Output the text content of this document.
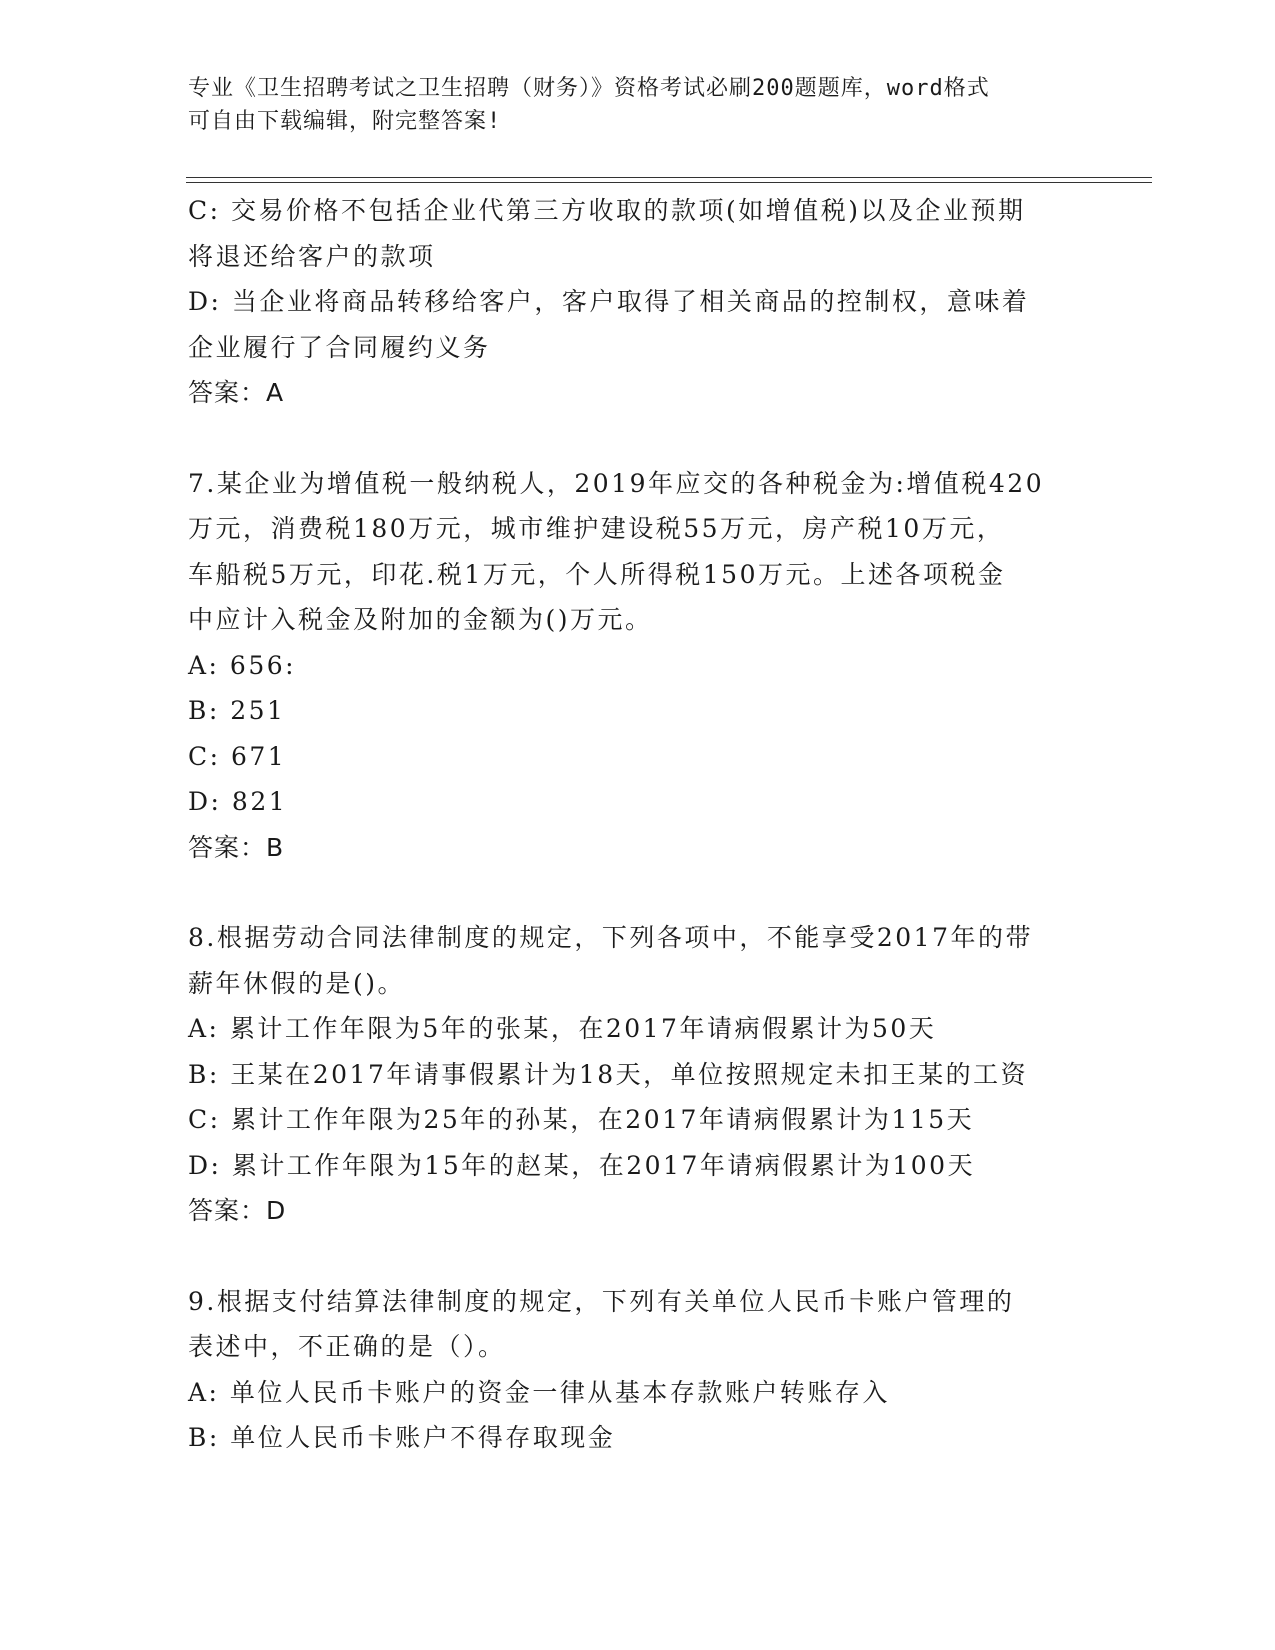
专业《卫生招聘考试之卫生招聘（财务）》资格考试必刷200题题库，word格式
可自由下载编辑，附完整答案!
C: 交易价格不包括企业代第三方收取的款项(如增值税)以及企业预期
将退还给客户的款项
D: 当企业将商品转移给客户，客户取得了相关商品的控制权，意味着
企业履行了合同履约义务
答案：A
7.某企业为增值税一般纳税人，2019年应交的各种税金为:增值税420
万元，消费税180万元，城市维护建设税55万元，房产税10万元，
车船税5万元，印花.税1万元，个人所得税150万元。上述各项税金
中应计入税金及附加的金额为()万元。
A: 656:
B: 251
C: 671
D: 821
答案：B
8.根据劳动合同法律制度的规定，下列各项中，不能享受2017年的带
薪年休假的是()。
A: 累计工作年限为5年的张某，在2017年请病假累计为50天
B: 王某在2017年请事假累计为18天，单位按照规定未扣王某的工资
C: 累计工作年限为25年的孙某，在2017年请病假累计为115天
D: 累计工作年限为15年的赵某，在2017年请病假累计为100天
答案：D
9.根据支付结算法律制度的规定，下列有关单位人民币卡账户管理的
表述中，不正确的是（）。
A: 单位人民币卡账户的资金一律从基本存款账户转账存入
B: 单位人民币卡账户不得存取现金
